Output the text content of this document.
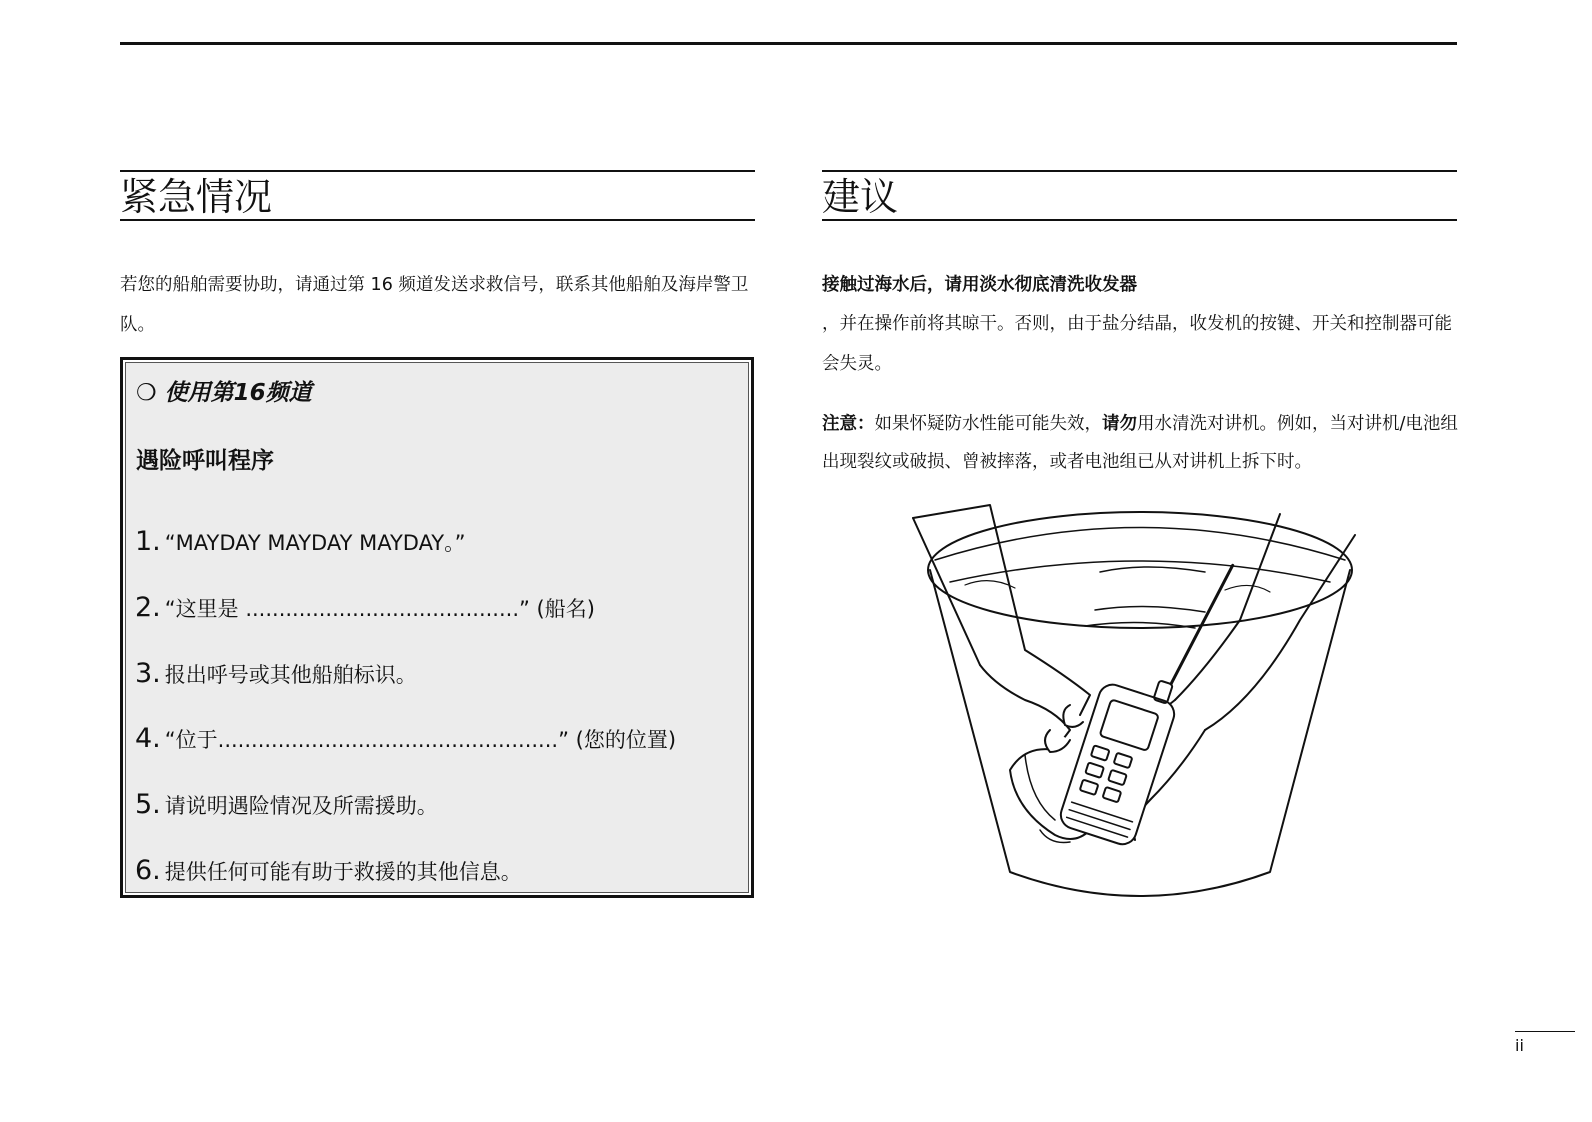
紧急情况
若您的船舶需要协助，请通过第 16 频道发送求救信号，联系其他船舶及海岸警卫队。
❍ 使用第16频道
遇险呼叫程序
1. “MAYDAY MAYDAY MAYDAY。”
2. “这里是 .........................................” (船名)
3. 报出呼号或其他船舶标识。
4. “位于...................................................” (您的位置)
5. 请说明遇险情况及所需援助。
6. 提供任何可能有助于救援的其他信息。
建议
接触过海水后，请用淡水彻底清洗收发器
，并在操作前将其晾干。否则，由于盐分结晶，收发机的按键、开关和控制器可能会失灵。
注意：如果怀疑防水性能可能失效，请勿用水清洗对讲机。例如，当对讲机/电池组出现裂纹或破损、曾被摔落，或者电池组已从对讲机上拆下时。
ii
